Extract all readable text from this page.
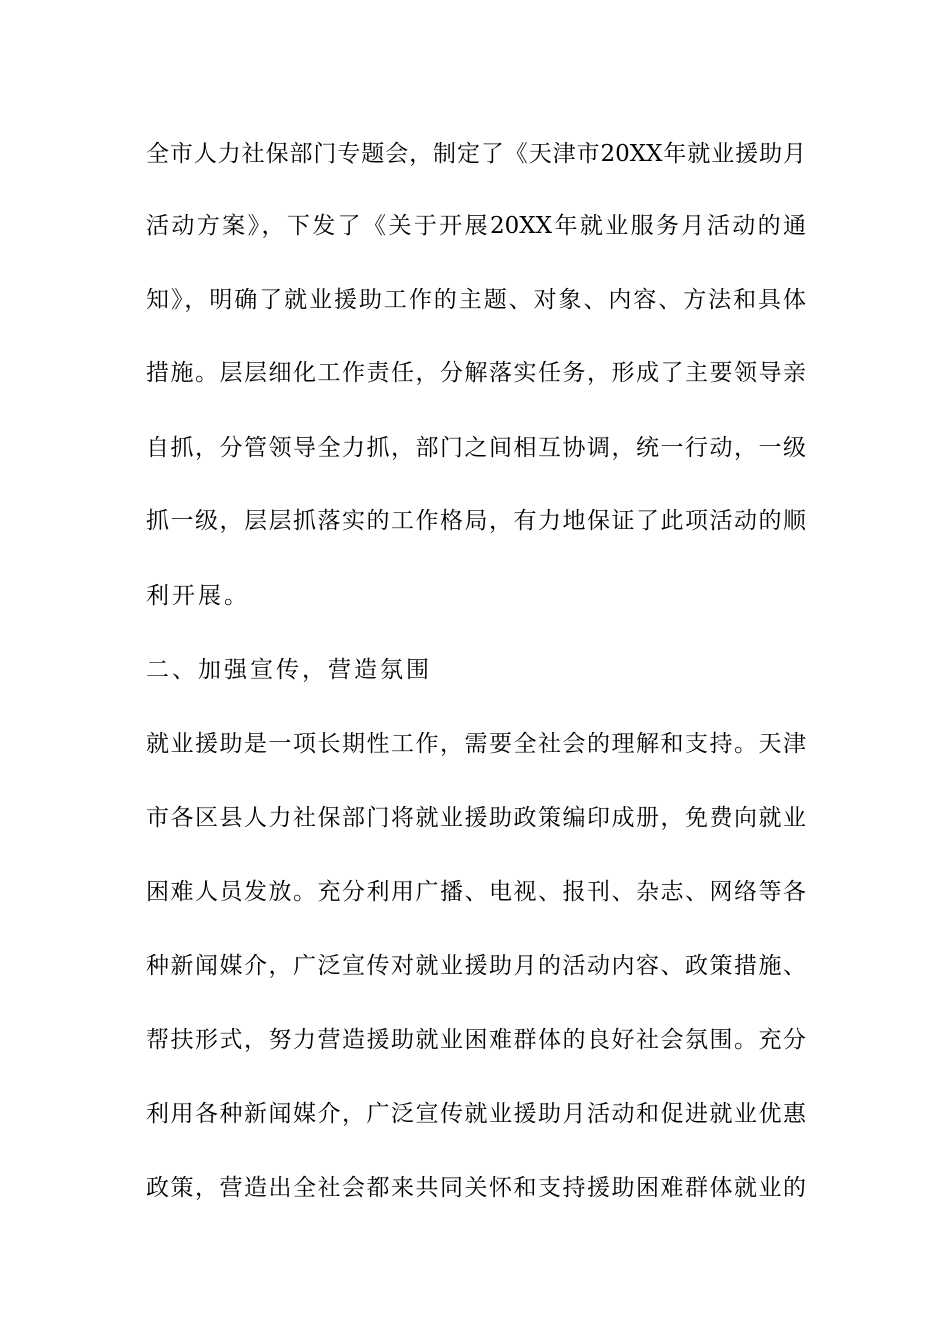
全市人力社保部门专题会，制定了《天津市20XX年就业援助月
活动方案》，下发了《关于开展20XX年就业服务月活动的通
知》，明确了就业援助工作的主题、对象、内容、方法和具体
措施。层层细化工作责任，分解落实任务，形成了主要领导亲
自抓，分管领导全力抓，部门之间相互协调，统一行动，一级
抓一级，层层抓落实的工作格局，有力地保证了此项活动的顺
利开展。
二、加强宣传，营造氛围
就业援助是一项长期性工作，需要全社会的理解和支持。天津
市各区县人力社保部门将就业援助政策编印成册，免费向就业
困难人员发放。充分利用广播、电视、报刊、杂志、网络等各
种新闻媒介，广泛宣传对就业援助月的活动内容、政策措施、
帮扶形式，努力营造援助就业困难群体的良好社会氛围。充分
利用各种新闻媒介，广泛宣传就业援助月活动和促进就业优惠
政策，营造出全社会都来共同关怀和支持援助困难群体就业的
